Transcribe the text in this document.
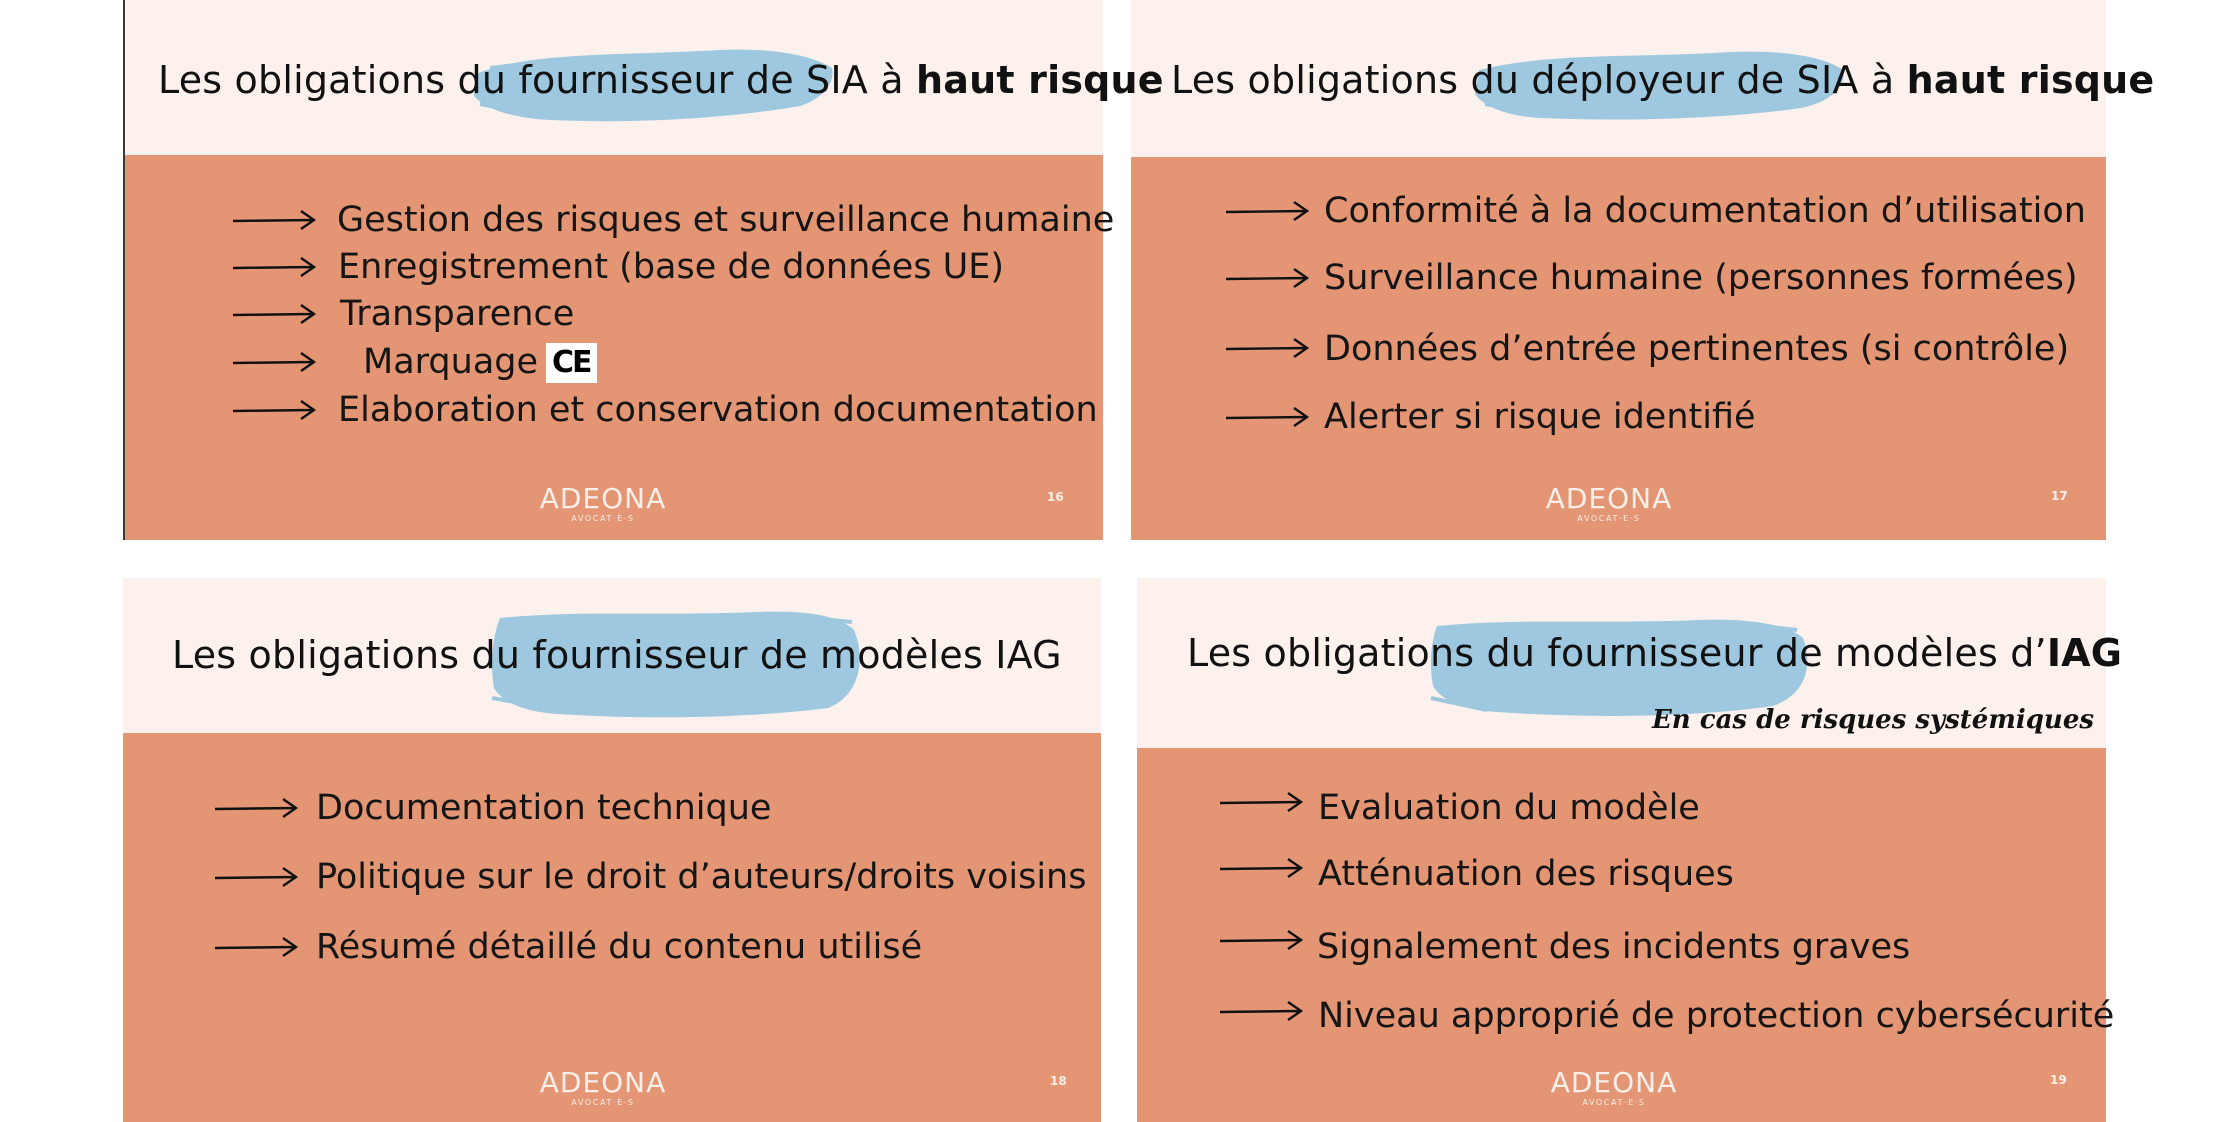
Les obligations du fournisseur de SIA à haut risque
Gestion des risques et surveillance humaine
Enregistrement (base de données UE)
Transparence
Marquage CE
Elaboration et conservation documentation
ADEONA
AVOCAT·E·S
16
Les obligations du déployeur de SIA à haut risque
Conformité à la documentation d’utilisation
Surveillance humaine (personnes formées)
Données d’entrée pertinentes (si contrôle)
Alerter si risque identifié
ADEONA
AVOCAT·E·S
17
Les obligations du fournisseur de modèles IAG
Documentation technique
Politique sur le droit d’auteurs/droits voisins
Résumé détaillé du contenu utilisé
ADEONA
AVOCAT·E·S
18
Les obligations du fournisseur de modèles d’IAG
En cas de risques systémiques
Evaluation du modèle
Atténuation des risques
Signalement des incidents graves
Niveau approprié de protection cybersécurité
ADEONA
AVOCAT·E·S
19
